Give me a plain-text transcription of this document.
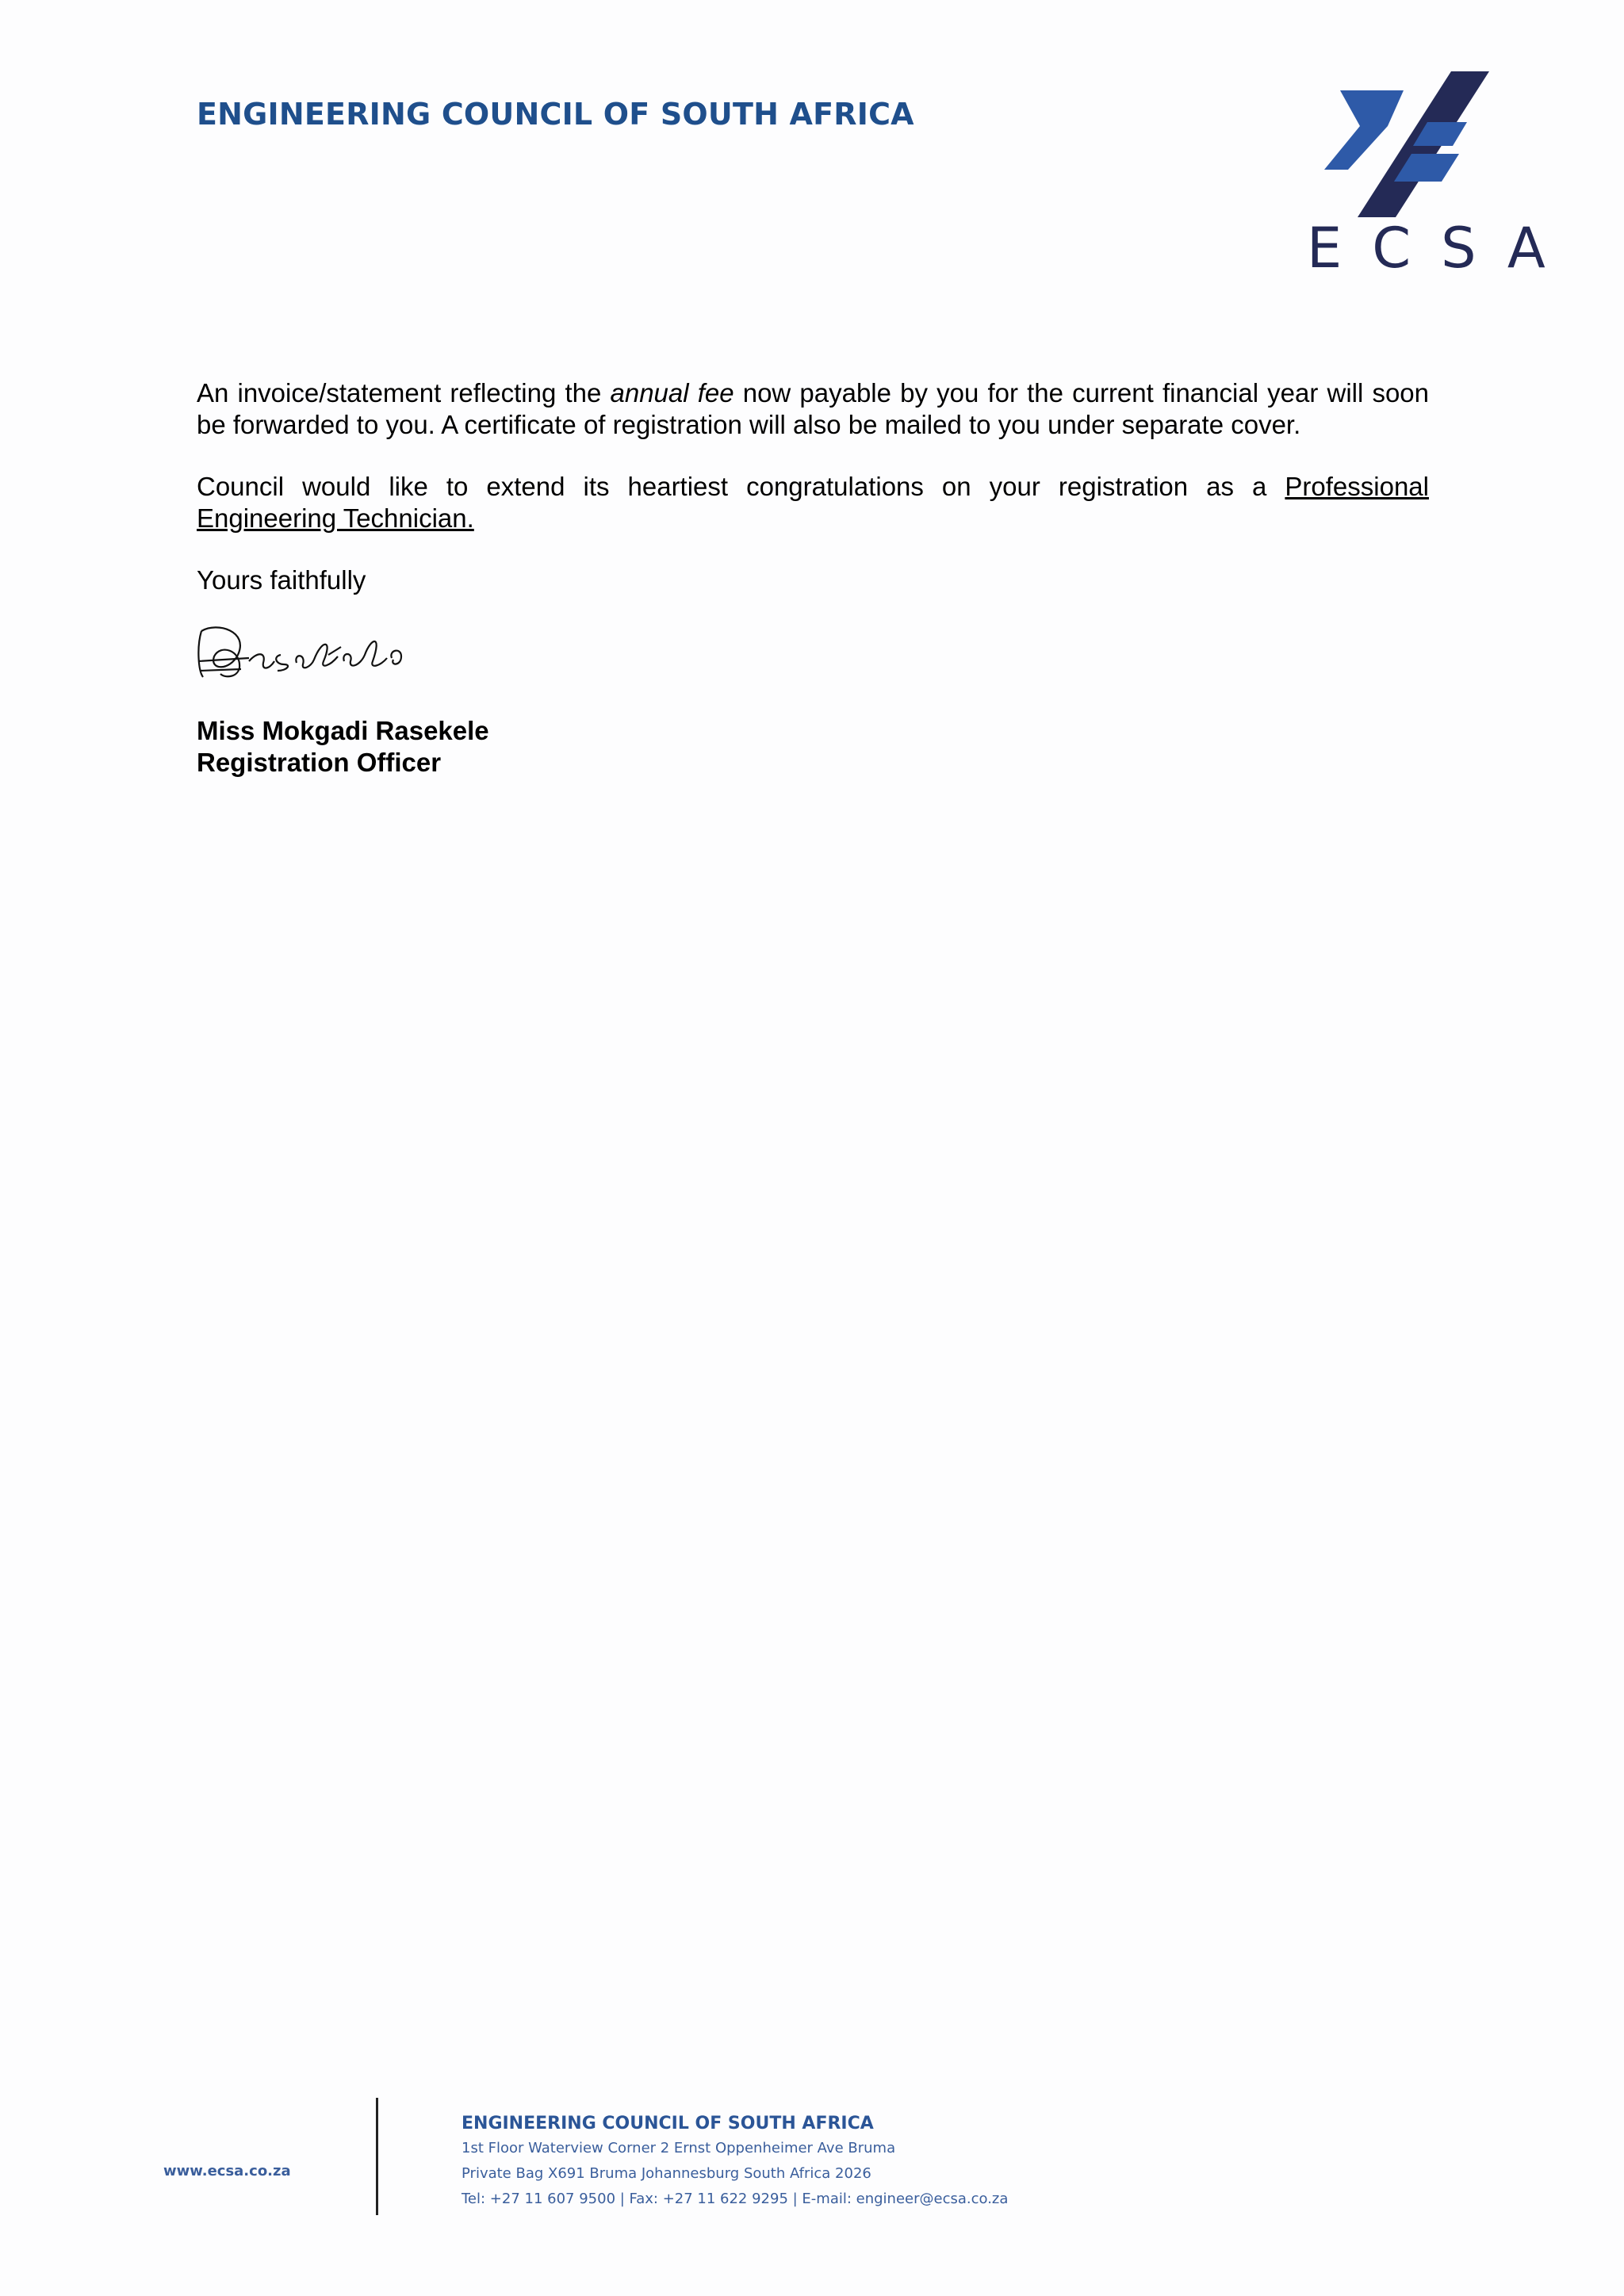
ENGINEERING COUNCIL OF SOUTH AFRICA
ECSA

An invoice/statement reflecting the annual fee now payable by you for the current financial year will soon be forwarded to you. A certificate of registration will also be mailed to you under separate cover.

Council would like to extend its heartiest congratulations on your registration as a Professional Engineering Technician.

Yours faithfully

Miss Mokgadi Rasekele
Registration Officer
www.ecsa.co.za
ENGINEERING COUNCIL OF SOUTH AFRICA
1st Floor Waterview Corner 2 Ernst Oppenheimer Ave Bruma
Private Bag X691 Bruma Johannesburg South Africa 2026
Tel: +27 11 607 9500 | Fax: +27 11 622 9295 | E-mail: engineer@ecsa.co.za
